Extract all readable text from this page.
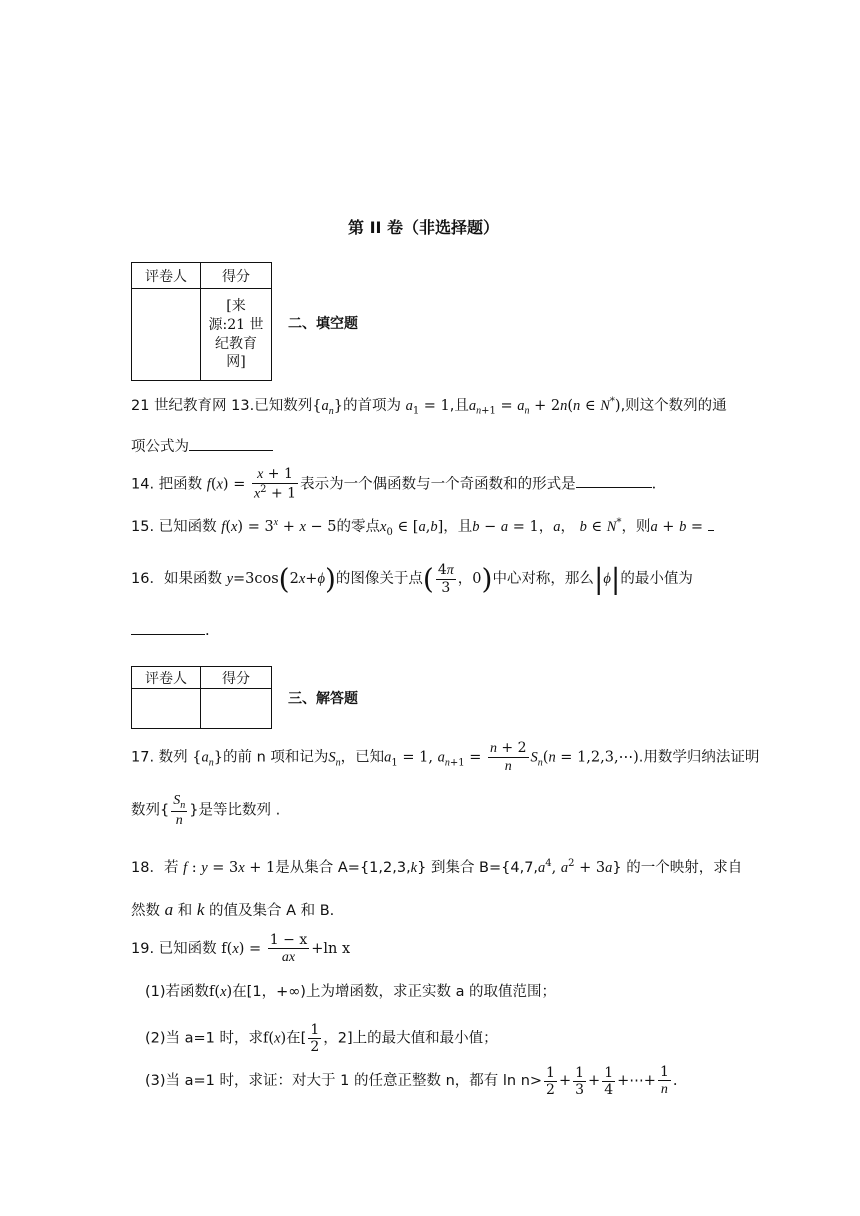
第 II 卷（非选择题）
评卷人	得分

	[来
源:21 世
纪教育
网]
二、填空题
21 世纪教育网 13.已知数列$\{a_n\}$的首项为 $a_1 = 1$,且$a_{n+1} = a_n + 2n(n$ ∈ N*),则这个数列的通
项公式为
14. 把函数 $f(x) = \frac{x + 1}{x^2 + 1}$ 表示为一个偶函数与一个奇函数和的形式是	.
15. 已知函数 $f(x) = 3^x + x - 5$的零点$x_0$ ∈ [a,b]，且b − a = 1，a， b ∈ N*，则a + b =
16．如果函数 y=3cos(2x+ϕ)的图像关于点( $\frac{4\pi}{3}$ ，0)中心对称，那么|ϕ|的最小值为
.
评卷人	得分

三、解答题
17. 数列 $\{a_n\}$的前 n 项和记为$S_n$，已知$a_1 = 1$, $a_{n+1} = \frac{n + 2}{n} S_n(n$ = 1,2,3,⋯).用数学归纳法证明
数列{ $\frac{S_n}{n}$ }是等比数列 .
18．若 f : y = 3x + 1是从集合 A={1,2,3,k} 到集合 $B=\{4,7,a^4$, $a^2 + 3a$} 的一个映射，求自
然数 a 和 k 的值及集合 A 和 B.
19. 已知函数 $f(x) = \frac{1 - x}{ax} +\ln$ x
(1)若函数f(x)在[1，+∞)上为增函数，求正实数 a 的取值范围；
(2)当 a=1 时，求f(x)在[ $\frac{1}{2}$ ，2]上的最大值和最小值；
(3)当 a=1 时，求证：对大于 1 的任意正整数 n，都有 $\ln n> \frac{1}{2} + \frac{1}{3} + \frac{1}{4}$ +⋯+ $\frac{1}{n}$ .
